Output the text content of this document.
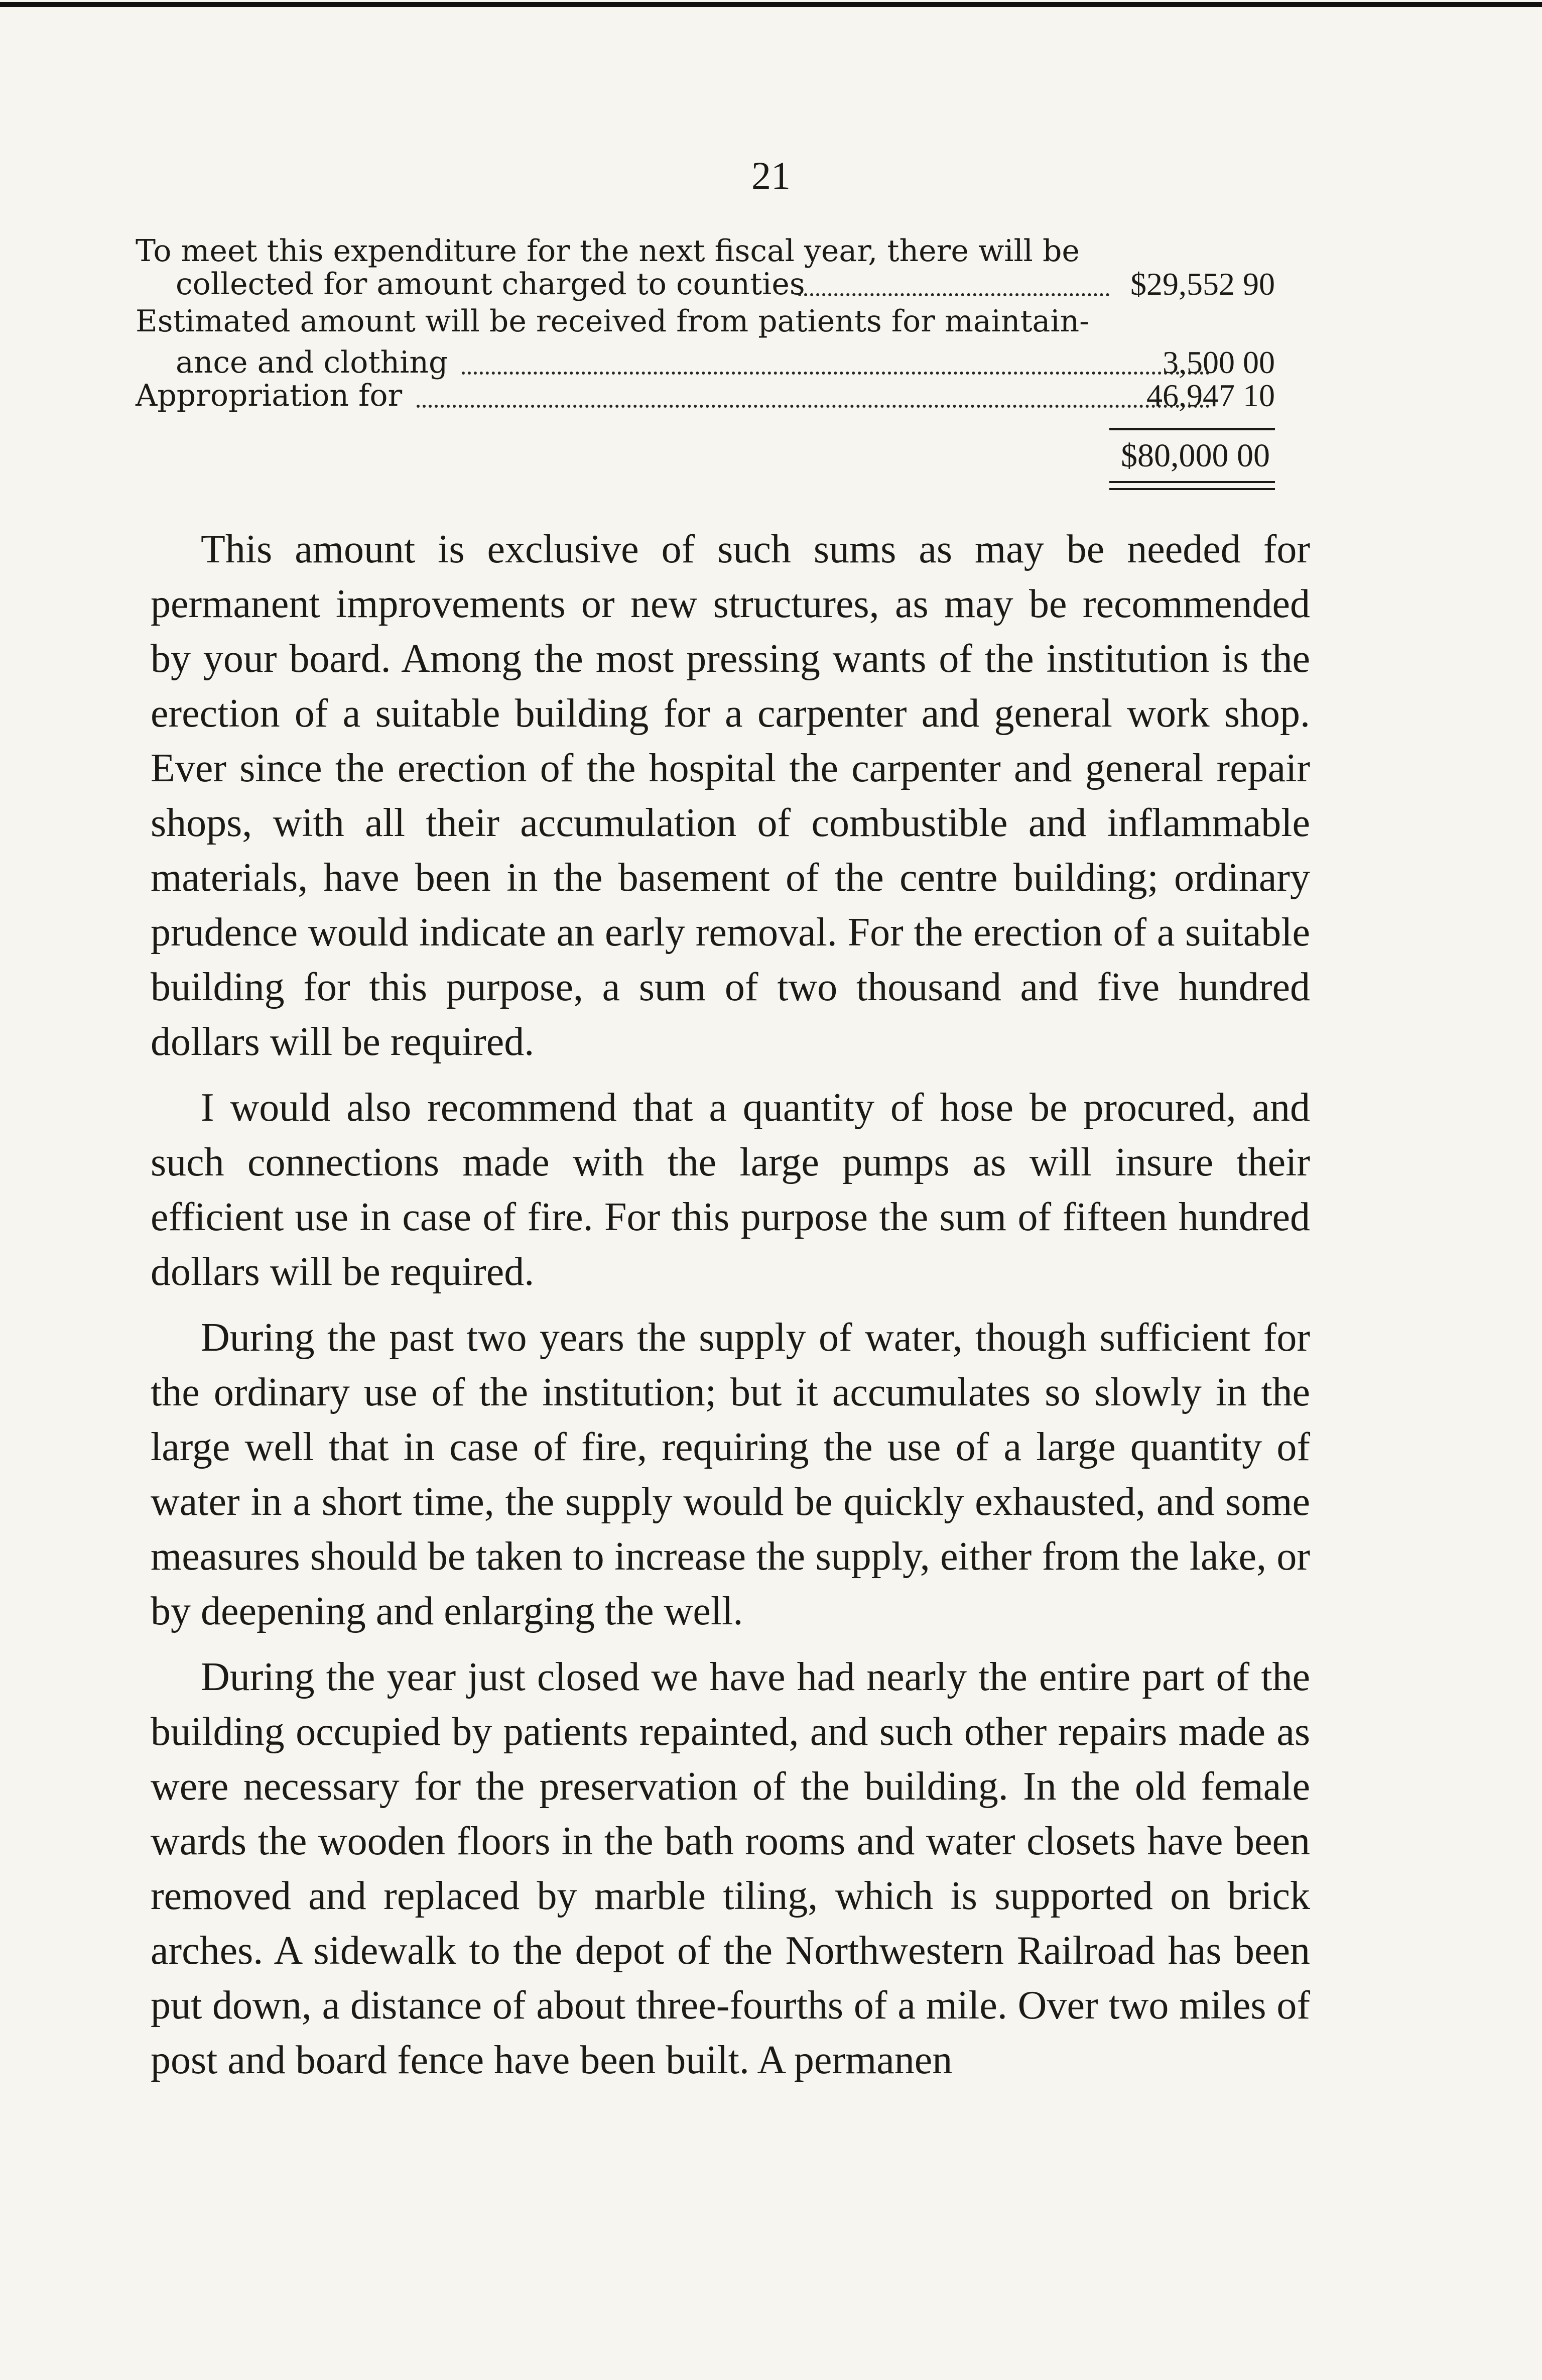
21
To meet this expenditure for the next fiscal year, there will be
collected for amount charged to counties	$29,552 90
Estimated amount will be received from patients for maintain-
ance and clothing	3,500 00
Appropriation for	46,947 10
$80,000 00

This amount is exclusive of such sums as may be needed for permanent improvements or new structures, as may be recommended by your board. Among the most pressing wants of the institution is the erection of a suitable building for a carpenter and general work shop. Ever since the erection of the hospital the carpenter and general repair shops, with all their accumulation of combustible and inflammable materials, have been in the basement of the centre building; ordinary prudence would indicate an early removal. For the erection of a suitable building for this purpose, a sum of two thousand and five hundred dollars will be required.

I would also recommend that a quantity of hose be procured, and such connections made with the large pumps as will insure their efficient use in case of fire. For this purpose the sum of fifteen hundred dollars will be required.

During the past two years the supply of water, though sufficient for the ordinary use of the institution; but it accumulates so slowly in the large well that in case of fire, requiring the use of a large quantity of water in a short time, the supply would be quickly exhausted, and some measures should be taken to increase the supply, either from the lake, or by deepening and enlarging the well.

During the year just closed we have had nearly the entire part of the building occupied by patients repainted, and such other repairs made as were necessary for the preservation of the building. In the old female wards the wooden floors in the bath rooms and water closets have been removed and replaced by marble tiling, which is supported on brick arches. A sidewalk to the depot of the Northwestern Railroad has been put down, a distance of about three-fourths of a mile. Over two miles of post and board fence have been built. A permanen
